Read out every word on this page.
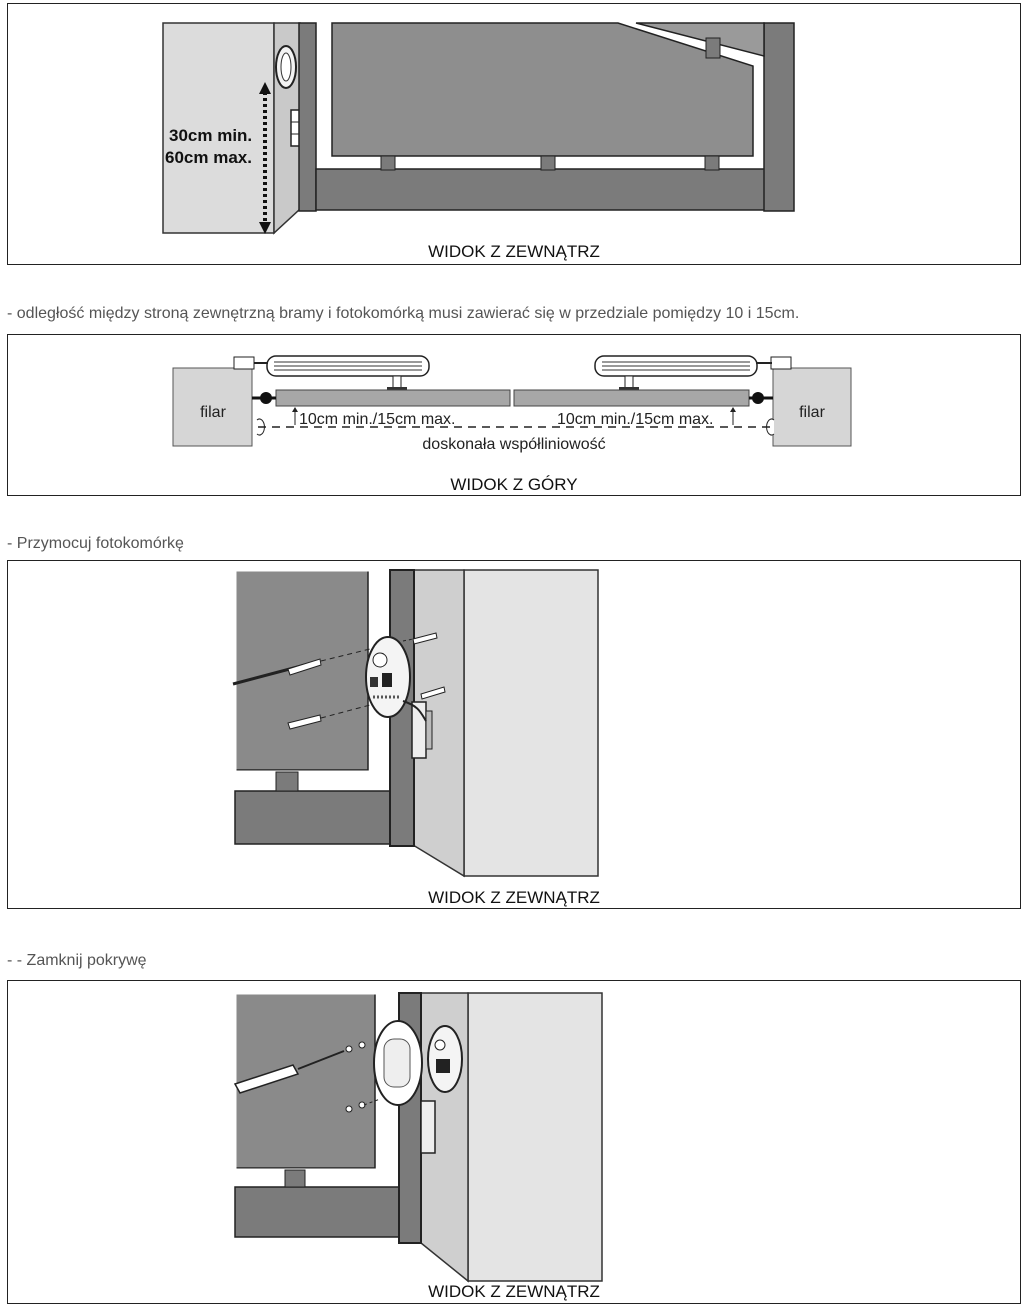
30cm min.
60cm max.
WIDOK Z ZEWNĄTRZ
- odległość między stroną zewnętrzną bramy i fotokomórką musi zawierać się w przedziale pomiędzy 10 i 15cm.
filar	filar
10cm min./15cm max.	10cm min./15cm max.
doskonała współliniowość
WIDOK Z GÓRY
- Przymocuj fotokomórkę
WIDOK Z ZEWNĄTRZ
- - Zamknij pokrywę
WIDOK Z ZEWNĄTRZ
